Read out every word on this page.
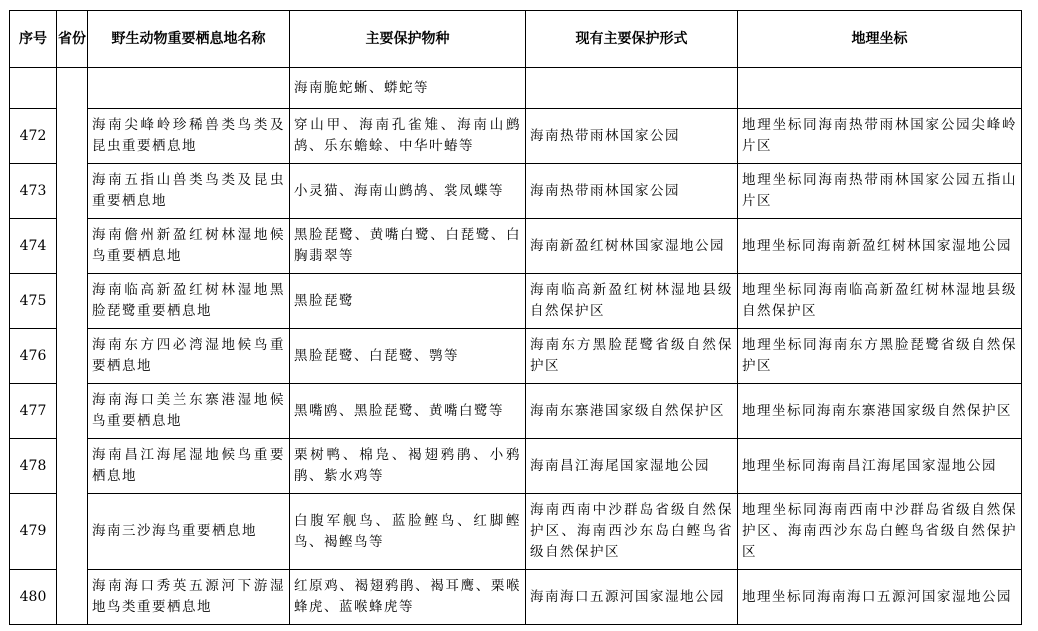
序号	省份	野生动物重要栖息地名称	主要保护物种	现有主要保护形式	地理坐标
			海南脆蛇蜥、蟒蛇等		
472		海南尖峰岭珍稀兽类鸟类及昆虫重要栖息地	穿山甲、海南孔雀雉、海南山鹧鸪、乐东蟾蜍、中华叶蝽等	海南热带雨林国家公园	地理坐标同海南热带雨林国家公园尖峰岭片区
473		海南五指山兽类鸟类及昆虫重要栖息地	小灵猫、海南山鹧鸪、裳凤蝶等	海南热带雨林国家公园	地理坐标同海南热带雨林国家公园五指山片区
474		海南儋州新盈红树林湿地候鸟重要栖息地	黑脸琵鹭、黄嘴白鹭、白琵鹭、白胸翡翠等	海南新盈红树林国家湿地公园	地理坐标同海南新盈红树林国家湿地公园
475		海南临高新盈红树林湿地黑脸琵鹭重要栖息地	黑脸琵鹭	海南临高新盈红树林湿地县级自然保护区	地理坐标同海南临高新盈红树林湿地县级自然保护区
476		海南东方四必湾湿地候鸟重要栖息地	黑脸琵鹭、白琵鹭、鹗等	海南东方黑脸琵鹭省级自然保护区	地理坐标同海南东方黑脸琵鹭省级自然保护区
477		海南海口美兰东寨港湿地候鸟重要栖息地	黑嘴鸥、黑脸琵鹭、黄嘴白鹭等	海南东寨港国家级自然保护区	地理坐标同海南东寨港国家级自然保护区
478		海南昌江海尾湿地候鸟重要栖息地	栗树鸭、棉凫、褐翅鸦鹃、小鸦鹃、紫水鸡等	海南昌江海尾国家湿地公园	地理坐标同海南昌江海尾国家湿地公园
479		海南三沙海鸟重要栖息地	白腹军舰鸟、蓝脸鲣鸟、红脚鲣鸟、褐鲣鸟等	海南西南中沙群岛省级自然保护区、海南西沙东岛白鲣鸟省级自然保护区	地理坐标同海南西南中沙群岛省级自然保护区、海南西沙东岛白鲣鸟省级自然保护区
480		海南海口秀英五源河下游湿地鸟类重要栖息地	红原鸡、褐翅鸦鹃、褐耳鹰、栗喉蜂虎、蓝喉蜂虎等	海南海口五源河国家湿地公园	地理坐标同海南海口五源河国家湿地公园
